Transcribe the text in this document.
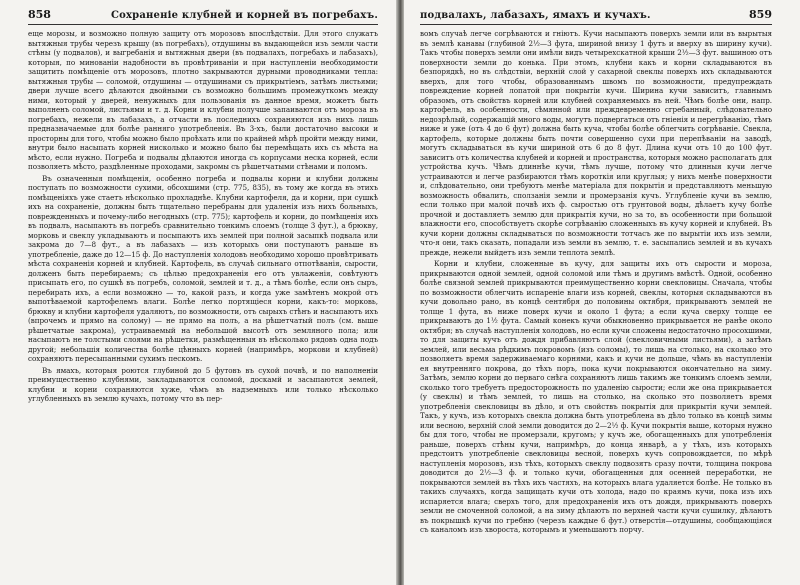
858	Сохраненіе клубней и корней въ погребахъ.

еще морозы, и возможно полную защиту отъ морозовъ впослѣдствіи. Для этого служатъ вытяжныя трубы черезъ крышу (въ погребахъ), отдушины въ выдающейся изъ земли части стѣны (у подвалов), и выгребанія и вытяжныя двери (въ подвалахъ, погребахъ и лабазахъ), которыя, по минованіи надобности въ провѣтриваніи и при наступленіи необходимости защитить помѣщеніе отъ морозовъ, плотно закрываются дурными проводниками тепла: вытяжныя трубы — соломой, отдушины — отдушинами съ прикрытіемъ, затѣмъ листьями; двери лучше всего дѣлаются двойными съ возможно большимъ промежуткомъ между ними, который у дверей, ненужныхъ для пользованія въ данное время, можетъ быть выполненъ соломой, листьями и т. д. Корни и клубни получше запаиваются отъ мороза въ погребахъ, нежели въ лабазахъ, а отчасти въ последнихъ сохраняются изъ нихъ лишь предназначаемые для болѣе ранняго употребленія. Въ 3-хъ, были достаточно высоки и просторны для того, чтобы можно было проѣхать или по крайней мѣрѣ пройти между ними, внутри было насыпать корней нисколько и можно было бы перемѣщать ихъ съ мѣста на мѣсто, если нужно. Погреба и подвалы дѣлаются иногда съ корпусами неска корней, если позволяетъ мѣсто, раздѣленные проходами, закромы съ рѣшетчатыми стѣнами и поломъ.

Въ означенныя помѣщенія, особенно погреба и подвалы корни и клубни должны поступать по возможности сухими, обсохшими (стр. 775, 835), въ тому же когда въ этихъ помѣщеніяхъ уже стаетъ нѣсколько прохладнѣе. Клубни картофеля, да и корни, при сушкѣ ихъ на сохраненіе, должны быть тщательно перебраны для удаленія изъ нихъ больныхъ, поврежденныхъ и почему-либо негодныхъ (стр. 775); картофель и корни, до помѣщенія ихъ въ подвалъ, насыпаютъ въ погребъ сравнительно тонкимъ слоемъ (толще 3 фут.), а брюкву, морковь и свеклу укладываютъ и посыпаютъ ихъ землей при полной засыпкѣ подвала или закрома до 7—8 фут., а въ лабазахъ — изъ которыхъ они поступаютъ раньше въ употребленіе, даже до 12—15 ф. До наступленія холодовъ необходимо хорошо провѣтривать мѣста сохраненія корней и клубней. Картофель, въ случаѣ сильнаго отпотѣванія, сырости, долженъ быть перебираемъ; съ цѣлью предохраненія его отъ увлаженія, совѣтуютъ присыпать его, по сушкѣ въ погребъ, соломой, землей и т. д., а тѣмъ болѣе, если онъ сыръ, перебирать ихъ, а если возможно — то, какой разъ, и когда уже замѣтенъ мокрой отъ выпотѣваемой картофелемъ влаги. Болѣе легко портящіеся корни, какъ-то: морковь, брюкву и клубни картофеля удаляютъ, по возможности, отъ сырыхъ стѣнъ и насыпаютъ ихъ (впрочемъ и прямо на солому) — не прямо на полъ, а на рѣшетчатый полъ (см. выше рѣшетчатые закрома), устраиваемый на небольшой высотѣ отъ земляного пола; или насыпаютъ не толстыми слоями на рѣшетки, размѣщенныя въ нѣсколько рядовъ одна подъ другой; небольшія количества болѣе цѣнныхъ корней (напримѣръ, моркови и клубней) сохраняютъ пересыпанными сухимъ пескомъ.

Въ ямахъ, которыя роются глубиной до 5 футовъ въ сухой почвѣ, и по наполненіи преимущественно клубнями, закладываются соломой, доскамй и засыпаются землей, клубни и корни сохраняются хуже, чѣмъ въ надземныхъ или только нѣсколько углубленныхъ въ землю кучахъ, потому что въ пер-

подвалахъ, лабазахъ, ямахъ и кучахъ.	859

вомъ случаѣ легче согрѣваются и гніютъ. Кучи насыпаютъ поверхъ земли или въ вырытыя въ землѣ канавы (глубиной 2½—3 фута, шириной внизу 1 футъ и вверху въ ширину кучи). Такъ чтобы поверхъ земли они имѣли видъ четырехскатной крыши 2½—3 фут. вышиною отъ поверхности земли до конька. При этомъ, клубни какъ и корни складываются въ безпорядкѣ, но въ слѣдствіи, верхній слой у сахарной свеклы поверхъ ихъ складываются вверхъ, для того чтобы, образованнымъ швомъ по возможности, предупреждать повреждение корней лопатой при покрытіи кучи. Ширина кучи зависитъ, главнымъ образомъ, отъ свойствъ корней или клубней сохраняемыхъ въ ней. Чѣмъ болѣе они, напр. картофель, въ особенности, сѣмянной или преждевременно сгребанный, слѣдовательно недозрѣлый, содержащій много воды, могутъ подвергаться отъ гніенія и перегрѣванію, тѣмъ ниже и уже (отъ 4 до 6 фут) должна быть куча, чтобы болѣе облегчить согрѣваніе. Свекла, картофель, которые должны быть почти совершенно сухи при перепѣваніи на заводѣ, могутъ складываться въ кучи шириной отъ 6 до 8 фут. Длина кучи отъ 10 до 100 фут. зависитъ отъ количества клубней и корней и пространства, которыя можно располагать для устройства кучъ. Чѣмъ длиннѣе кучи, тѣмъ лучше, потому что длинныя кучи легче устраиваются и легче разбираются тѣмъ короткія или круглыя; у нихъ менѣе поверхности и, слѣдовательно, они требуютъ менѣе матеріала для покрытія и представляютъ меньшую возможность обвалить, сползанія земли и промерзанія кучъ. Углубленіе кучи въ землю, если только при малой почвѣ ихъ ф. сыростью отъ грунтовой воды, дѣлаетъ кучу болѣе прочной и доставляетъ землю для прикрытія кучи, но за то, въ особенности при большой влажности его, способствуетъ скорѣе согрѣванію сложенныхъ въ кучу корней и клубней. Въ кучи корни должны складываться по возможности тотчасъ же по вырытіи ихъ изъ земли, что-я они, такъ сказать, попадали изъ земли въ землю, т. е. засыпались землей и въ кучахъ прежде, нежели выйдетъ изъ земли теплота землѣ.

Корни и клубни, сложенные въ кучу, для защиты ихъ отъ сырости и мороза, прикрываются одной землей, одной соломой или тѣмъ и другимъ вмѣстѣ. Одной, особенно болѣе связной землей прикрываются преимущественно корни свекловицы. Сначала, чтобы по возможности облегчить испареніе влаги изъ корней, свеклы, которыя складываются въ кучи довольно рано, въ концѣ сентября до половины октября, прикрываютъ землей не толще 1 фута, въ ниже поверх кучи и около 1 фута; а если куча сверху толще ее прикрываютъ до 1½ фута. Самый конекъ кучи обыкновенно прикрывается не ранѣе около октября; въ случаѣ наступленія холодовъ, но если кучи сложены недостаточно просохшими, то для защиты кучъ отъ дождя прибавляютъ слой (свекловичными листьями), а затѣмъ землей, или весьма рѣдкимъ покровомъ (изъ соломы), то лишь на столько, на сколько это позволяетъ время задерживаемаго корнями, какъ и кучи не дольше, чѣмъ въ наступленіи ея внутренняго покрова, до тѣхъ поръ, пока кучи покрываются окончательно на зиму. Затѣмъ, землю корни до перваго снѣга сохраняютъ лишь такимъ же тонкимъ слоемъ земли, сколько того требуетъ предосторожность по удаленію сырости; если же она прикрывается (у свеклы) и тѣмъ землей, то лишь на столько, на сколько это позволяетъ время употребленія свекловицы въ дѣло, и отъ свойствъ покрытія для прикрытія кучи землей. Такъ, у кучъ, изъ которыхъ свекла должна быть употреблена въ дѣло только въ концѣ зимы или весною, верхній слой земли доводится до 2—2½ ф. Кучи покрытія выше, которыя нужно бы для того, чтобы не промерзали, кругомъ; у кучъ же, обогащенныхъ для употребленія раньше, поверхъ стѣны кучи, напримѣръ, до конца январѣ, а у тѣхъ, изъ которыхъ предстоитъ употребленіе свекловицы весной, поверхъ кучъ сопровождается, по мѣрѣ наступленія морозовъ, изъ тѣхъ, которыхъ свеклу подвозятъ сразу почти, толщина покрова доводится до 2½—3 ф. и только кучи, обогащенныя для осенней переработки, не покрываются землей въ тѣхъ ихъ частяхъ, на которыхъ влага удаляется болѣе. Не только въ такихъ случаяхъ, когда защищать кучи отъ холода, надо по краямъ кучи, пока изъ ихъ испаряется влага; сверхъ того, для предохраненія ихъ отъ дождя, прикрываютъ поверхъ земли не смоченной соломой, а на зиму дѣлаютъ по верхней части кучи сушилку, дѣлаютъ въ покрышкѣ кучи по гребню (черезъ каждые 6 фут.) отверстія—отдушины, сообщающіяся съ каналомъ изъ хвороста, которымъ и уменьшаютъ порчу.
